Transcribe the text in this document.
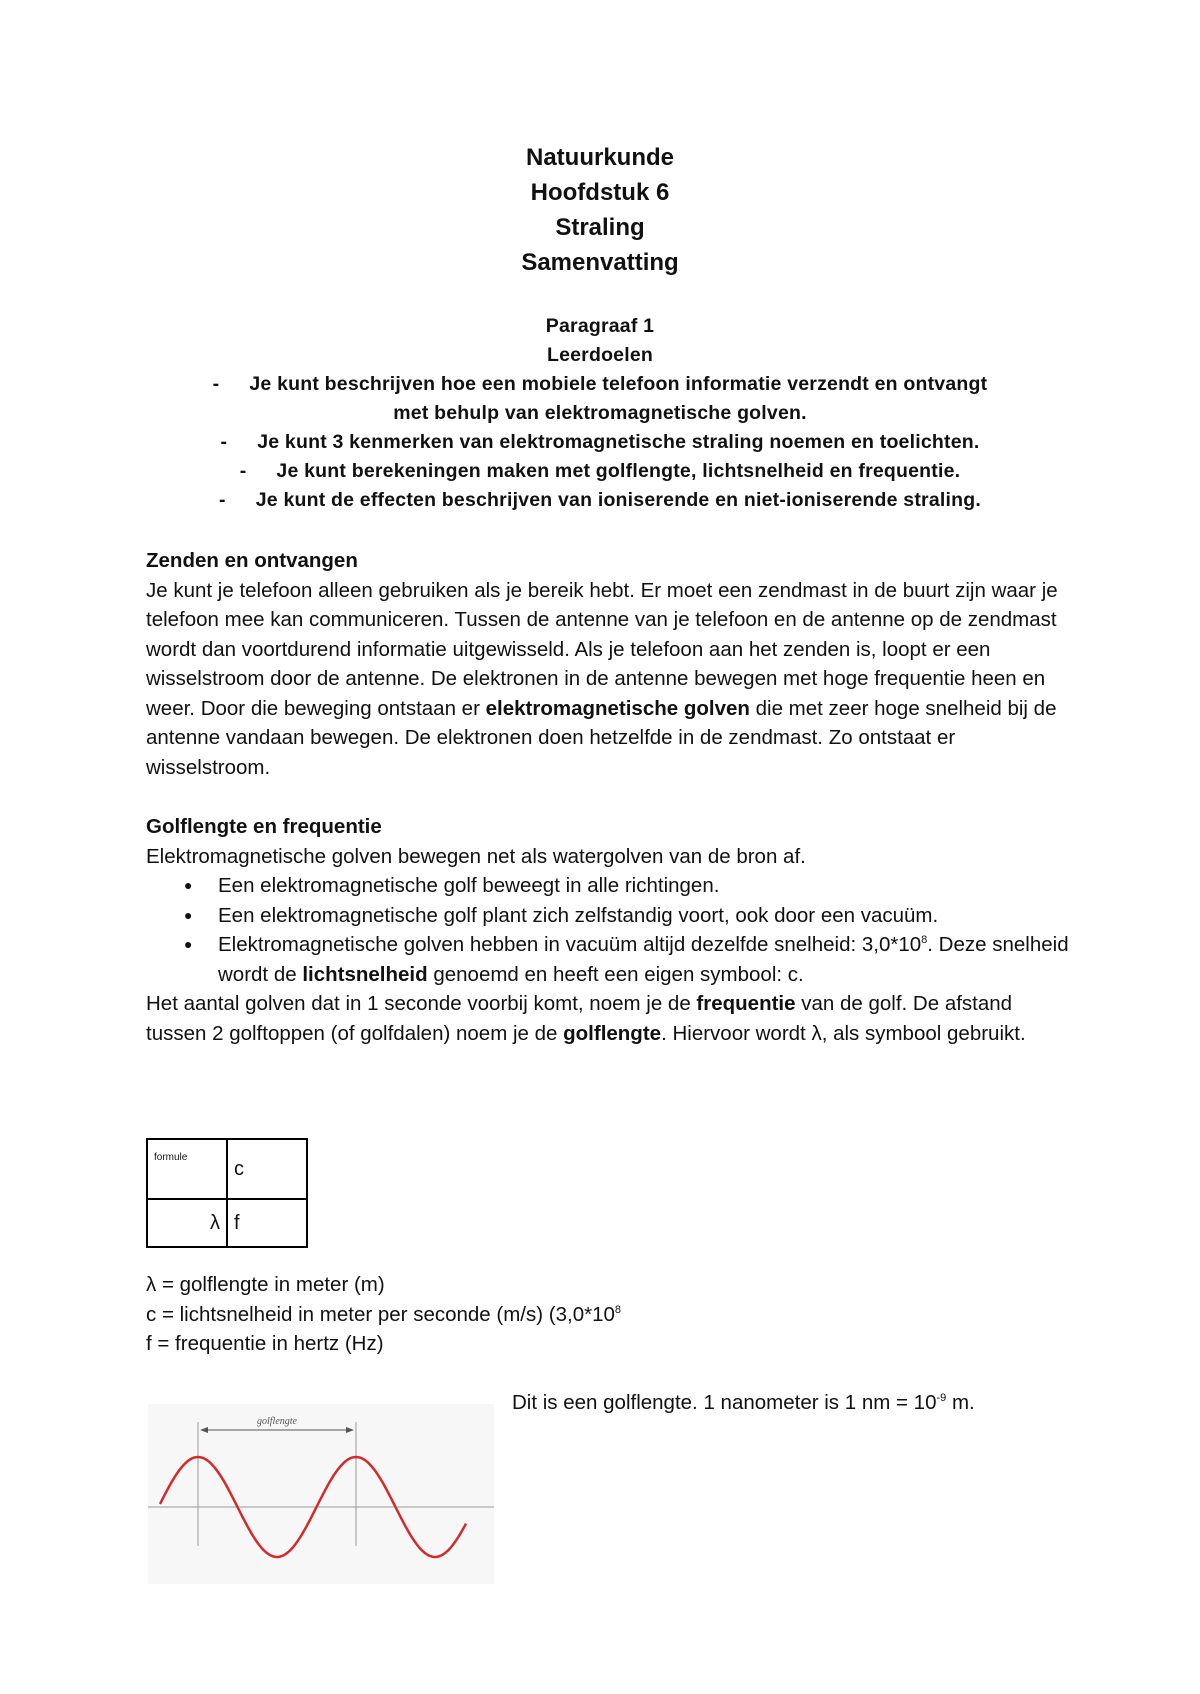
Natuurkunde

Hoofdstuk 6

Straling

Samenvatting

Paragraaf 1

Leerdoelen

- Je kunt beschrijven hoe een mobiele telefoon informatie verzendt en ontvangt

met behulp van elektromagnetische golven.

- Je kunt 3 kenmerken van elektromagnetische straling noemen en toelichten.

- Je kunt berekeningen maken met golflengte, lichtsnelheid en frequentie.

- Je kunt de effecten beschrijven van ioniserende en niet-ioniserende straling.

Zenden en ontvangen

Je kunt je telefoon alleen gebruiken als je bereik hebt. Er moet een zendmast in de buurt zijn waar je telefoon mee kan communiceren. Tussen de antenne van je telefoon en de antenne op de zendmast wordt dan voortdurend informatie uitgewisseld. Als je telefoon aan het zenden is, loopt er een wisselstroom door de antenne. De elektronen in de antenne bewegen met hoge frequentie heen en weer. Door die beweging ontstaan er elektromagnetische golven die met zeer hoge snelheid bij de antenne vandaan bewegen. De elektronen doen hetzelfde in de zendmast. Zo ontstaat er wisselstroom.

Golflengte en frequentie

Elektromagnetische golven bewegen net als watergolven van de bron af.

● Een elektromagnetische golf beweegt in alle richtingen.
● Een elektromagnetische golf plant zich zelfstandig voort, ook door een vacuüm.
● Elektromagnetische golven hebben in vacuüm altijd dezelfde snelheid: $3,0*10^8$. Deze snelheid wordt de lichtsnelheid genoemd en heeft een eigen symbool: c.

Het aantal golven dat in 1 seconde voorbij komt, noem je de frequentie van de golf. De afstand tussen 2 golftoppen (of golfdalen) noem je de golflengte. Hiervoor wordt λ, als symbool gebruikt.

formule	c
λ	f

λ = golflengte in meter (m)

c = lichtsnelheid in meter per seconde (m/s) ($3,0*10^8$

f = frequentie in hertz (Hz)

Dit is een golflengte. 1 nanometer is 1 nm = $10^{-9}$ m.
golflengte
